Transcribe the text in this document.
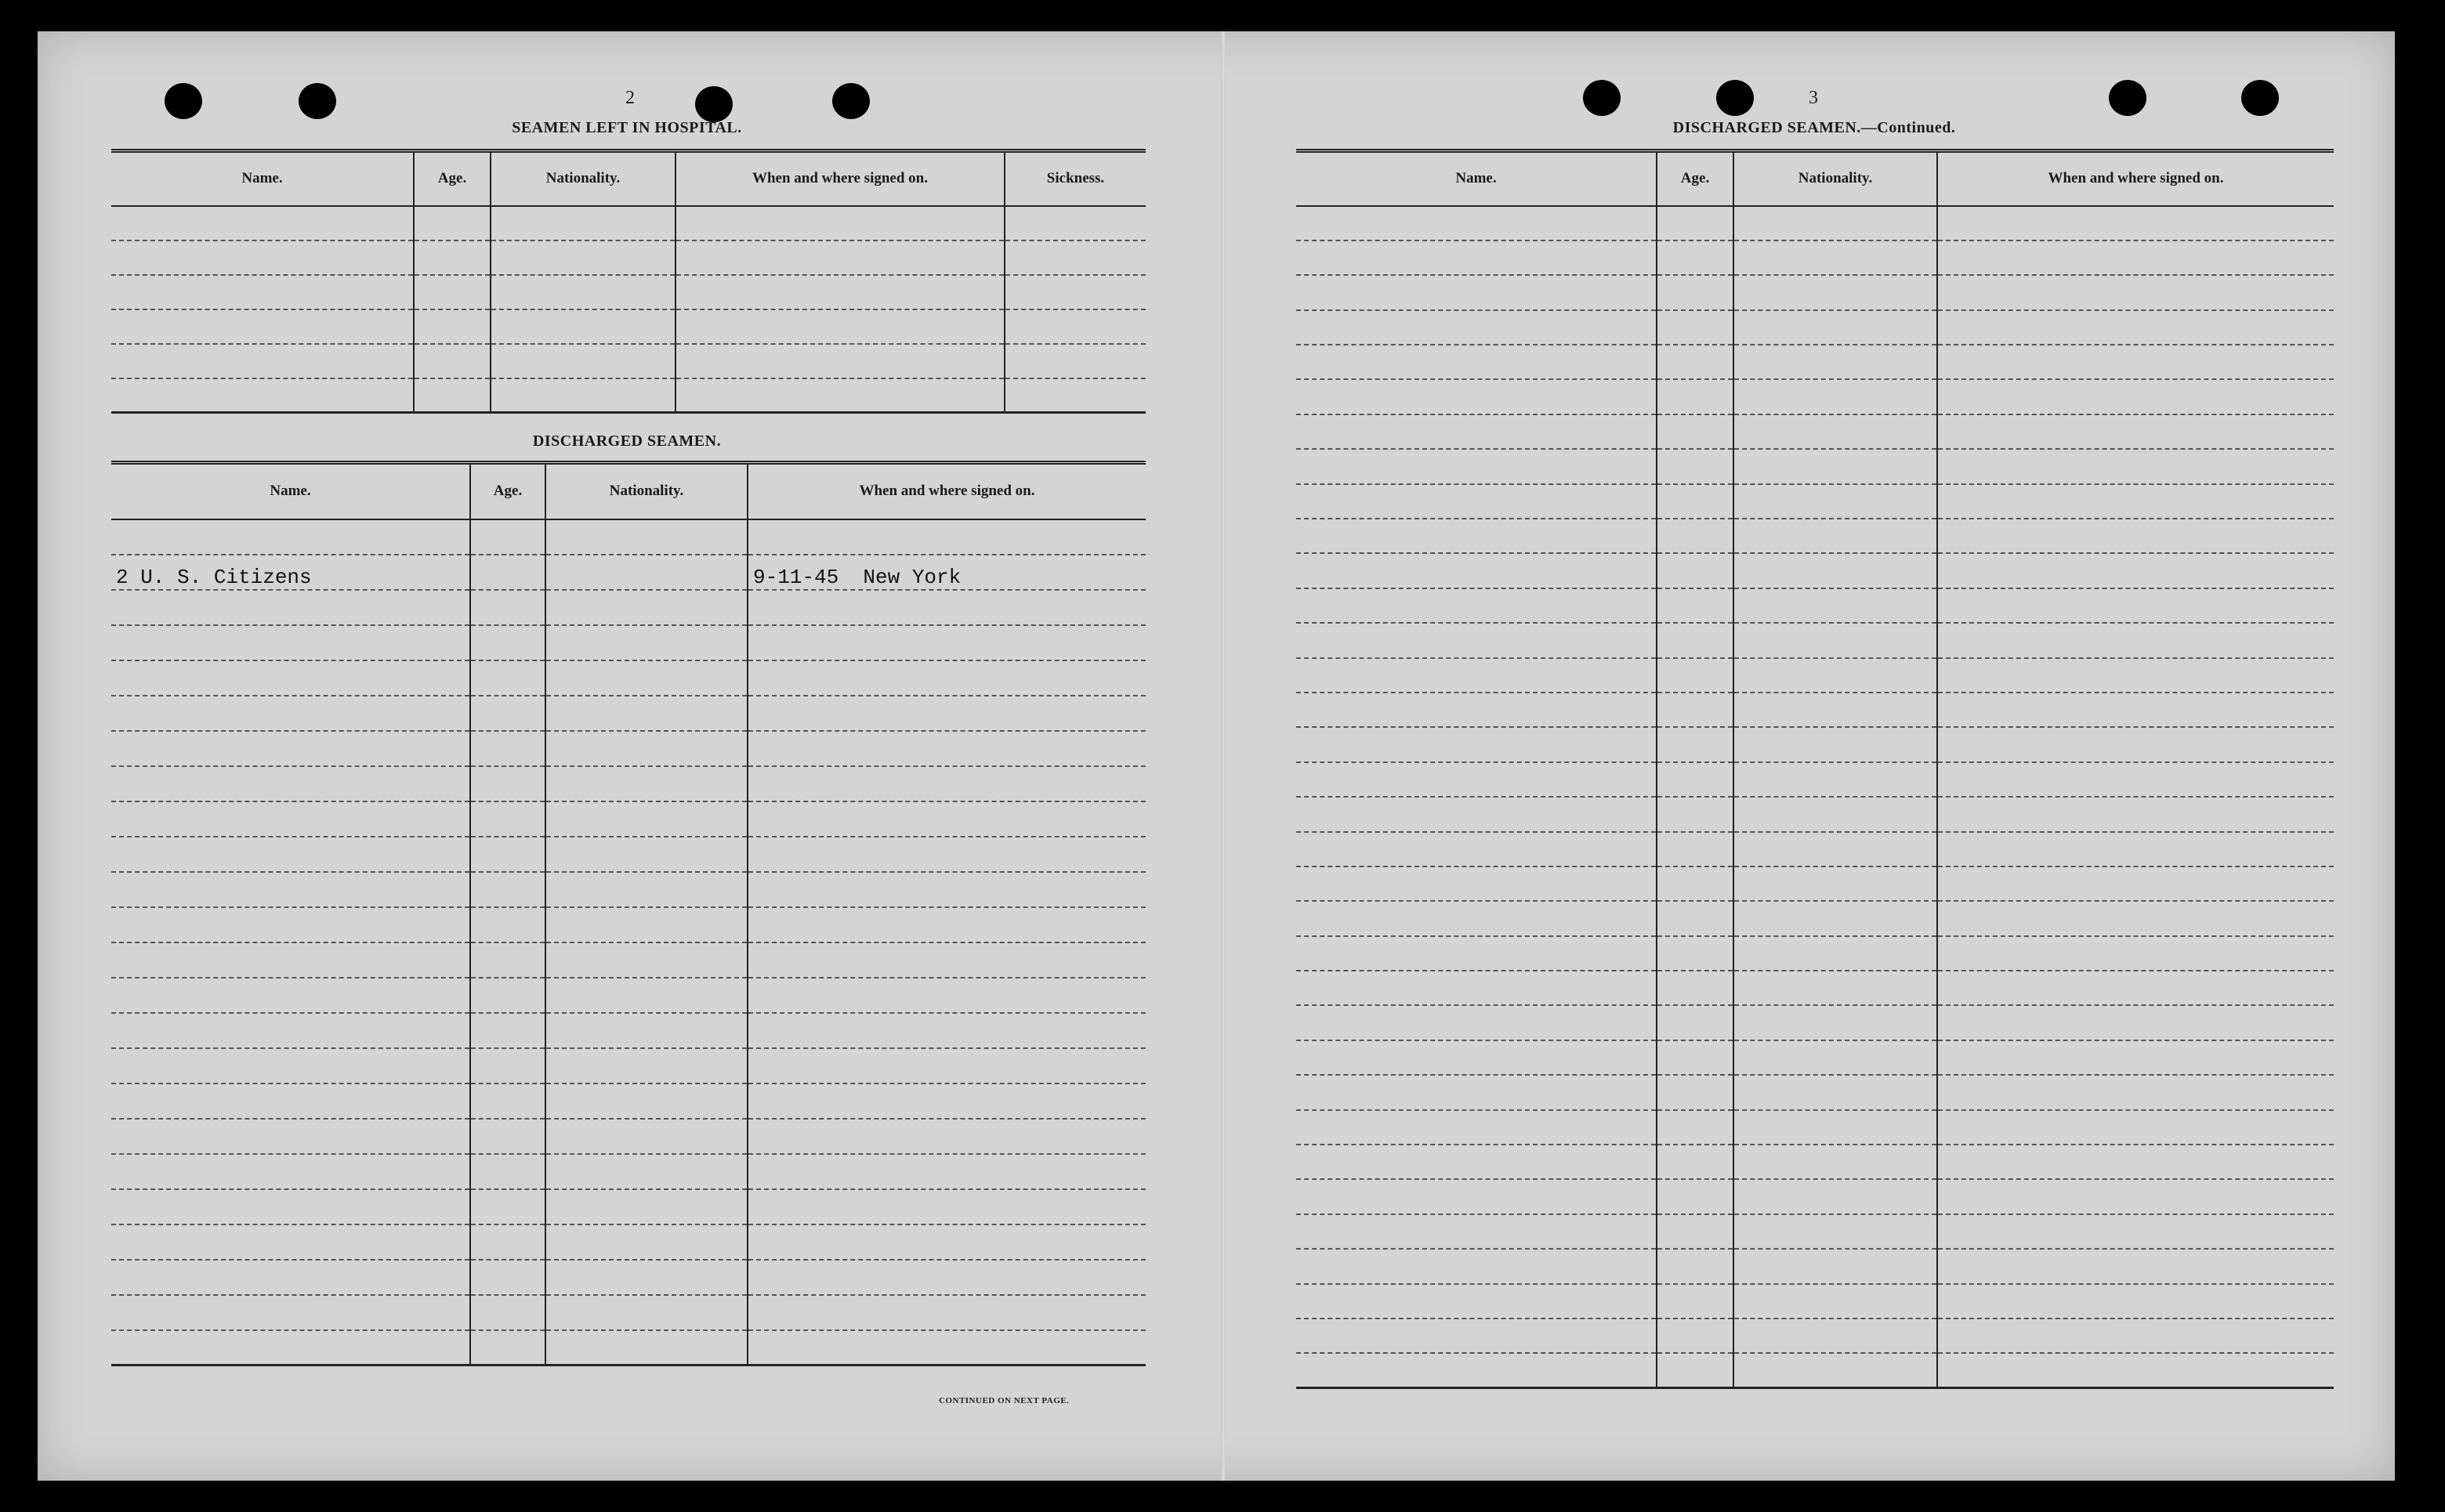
2
SEAMEN LEFT IN HOSPITAL.
Name.	Age.	Nationality.	When and where signed on.	Sickness.

DISCHARGED SEAMEN.
Name.	Age.	Nationality.	When and where signed on.

2 U. S. Citizens			9-11-45  New York

CONTINUED ON NEXT PAGE.
3
DISCHARGED SEAMEN.—Continued.
Name.	Age.	Nationality.	When and where signed on.
